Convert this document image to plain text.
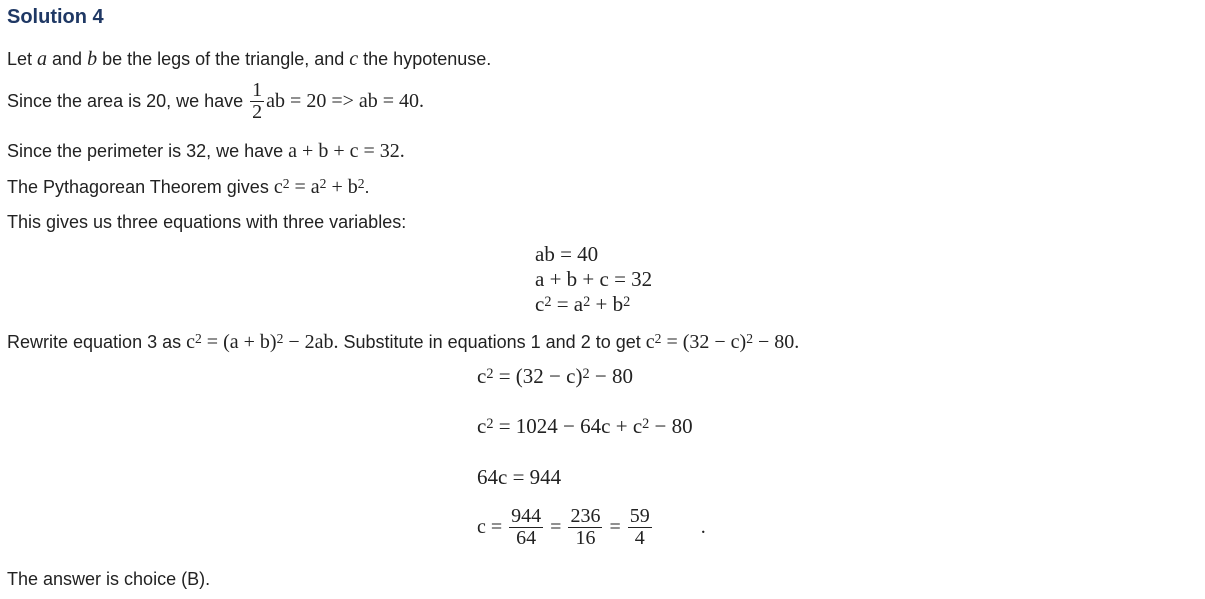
Solution 4
Let a and b be the legs of the triangle, and c the hypotenuse.
Since the area is 20, we have $\frac{1}{2}$ ab = 20 => ab = 40.
Since the perimeter is 32, we have a + b + c = 32.
The Pythagorean Theorem gives $c^2 = a^2 + b^2$.
This gives us three equations with three variables:
ab = 40
a + b + c = 32
$c^2 = a^2 + b^2$
Rewrite equation 3 as $c^2 = (a + b)^2 - 2ab$. Substitute in equations 1 and 2 to get $c^2 = (32 - c)^2 - 80$.
$c^2 = (32 - c)^2 - 80$
$c^2 = 1024 - 64c + c^2 - 80$
64c = 944
$c = \frac{944}{64} = \frac{236}{16} = \frac{59}{4}$ .
The answer is choice (B).
